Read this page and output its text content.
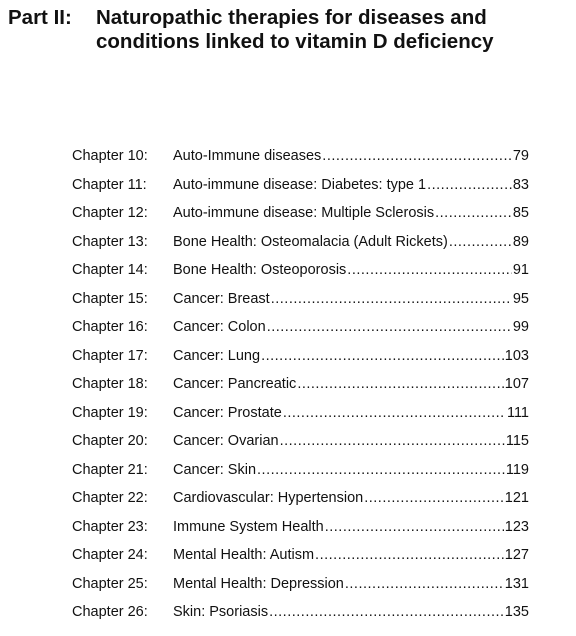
Part II:	Naturopathic therapies for diseases and
conditions linked to vitamin D deficiency
Chapter 10:	Auto-Immune diseases .....	79
Chapter 11:	Auto-immune disease: Diabetes: type 1 .....	83
Chapter 12:	Auto-immune disease: Multiple Sclerosis .....	85
Chapter 13:	Bone Health: Osteomalacia (Adult Rickets) .....	89
Chapter 14:	Bone Health: Osteoporosis .....	91
Chapter 15:	Cancer: Breast .....	95
Chapter 16:	Cancer: Colon .....	99
Chapter 17:	Cancer: Lung .....	103
Chapter 18:	Cancer: Pancreatic .....	107
Chapter 19:	Cancer: Prostate .....	111
Chapter 20:	Cancer: Ovarian .....	115
Chapter 21:	Cancer: Skin .....	119
Chapter 22:	Cardiovascular: Hypertension .....	121
Chapter 23:	Immune System Health .....	123
Chapter 24:	Mental Health: Autism .....	127
Chapter 25:	Mental Health: Depression .....	131
Chapter 26:	Skin: Psoriasis .....	135
